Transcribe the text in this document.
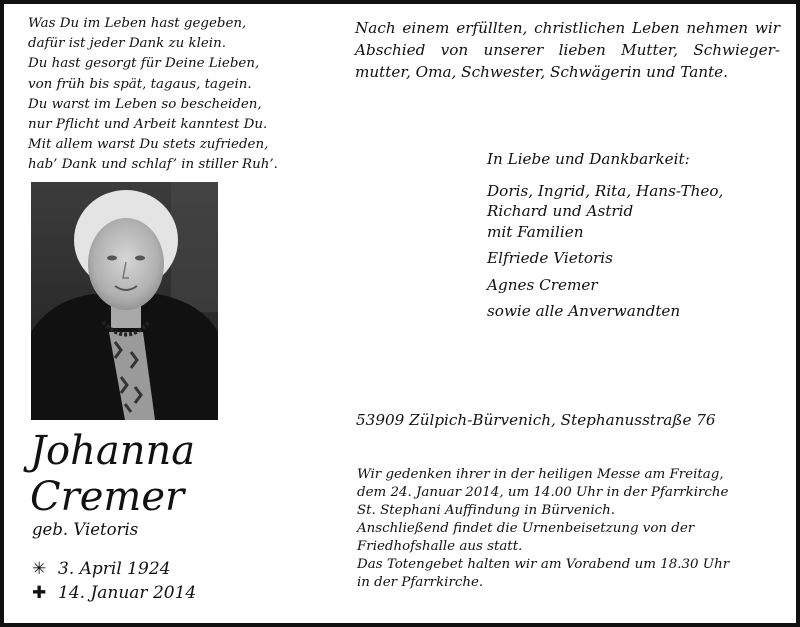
Was Du im Leben hast gegeben,
dafür ist jeder Dank zu klein.
Du hast gesorgt für Deine Lieben,
von früh bis spät, tagaus, tagein.
Du warst im Leben so bescheiden,
nur Pflicht und Arbeit kanntest Du.
Mit allem warst Du stets zufrieden,
hab’ Dank und schlaf’ in stiller Ruh’.
Nach einem erfüllten, christlichen Leben nehmen wir
Abschied von unserer lieben Mutter, Schwieger-
mutter, Oma, Schwester, Schwägerin und Tante.
In Liebe und Dankbarkeit:
Doris, Ingrid, Rita, Hans-Theo,
Richard und Astrid
mit Familien
Elfriede Vietoris
Agnes Cremer
sowie alle Anverwandten
Johanna
Cremer
geb. Vietoris
✳ 3. April 1924
✚ 14. Januar 2014
53909 Zülpich-Bürvenich, Stephanusstraße 76
Wir gedenken ihrer in der heiligen Messe am Freitag,
dem 24. Januar 2014, um 14.00 Uhr in der Pfarrkirche
St. Stephani Auffindung in Bürvenich.
Anschließend findet die Urnenbeisetzung von der
Friedhofshalle aus statt.
Das Totengebet halten wir am Vorabend um 18.30 Uhr
in der Pfarrkirche.
